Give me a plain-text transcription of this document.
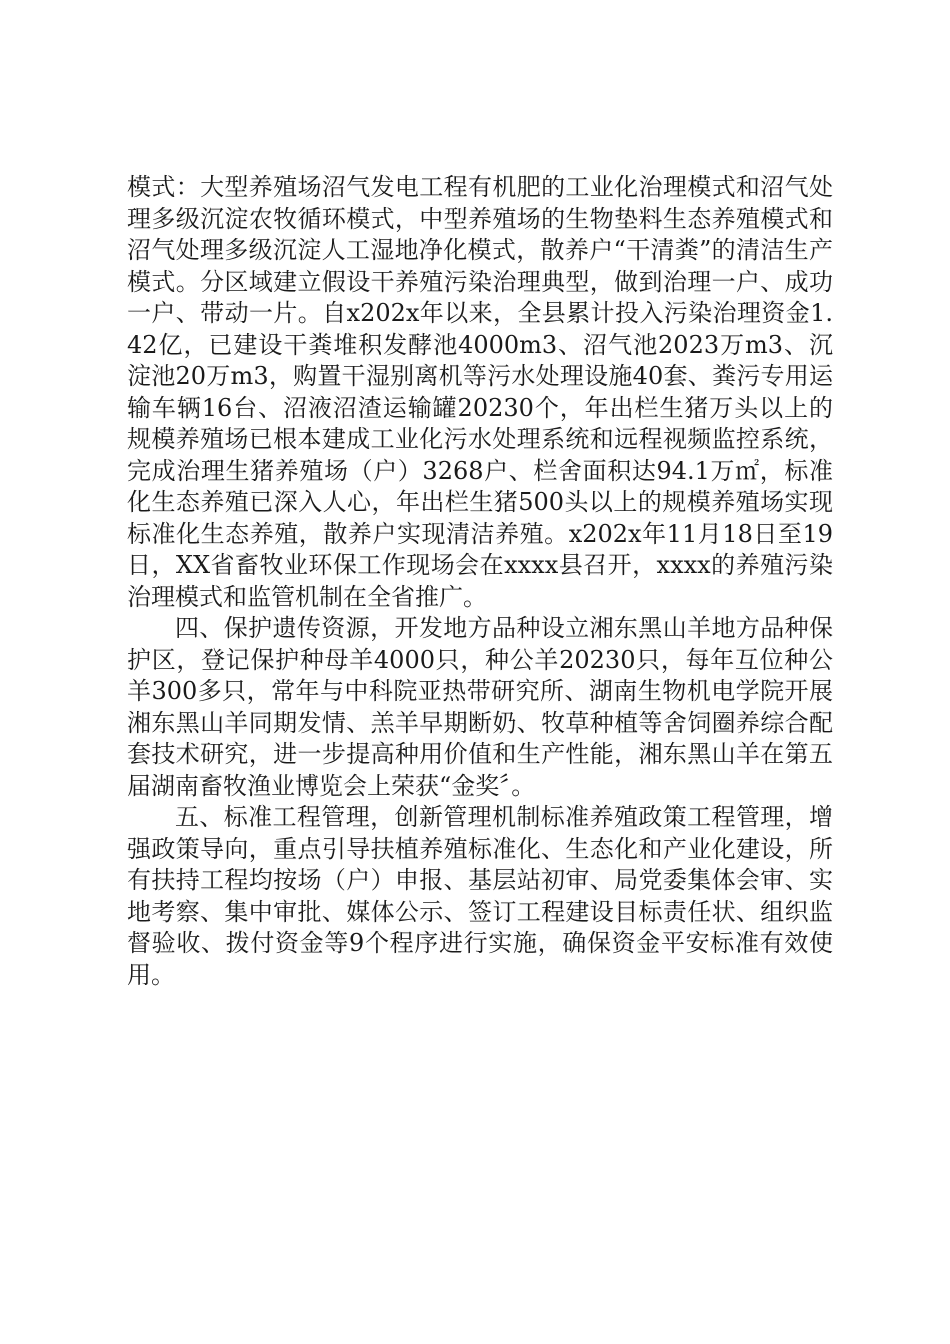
模式：大型养殖场沼气发电工程有机肥的工业化治理模式和沼气处理多级沉淀农牧循环模式，中型养殖场的生物垫料生态养殖模式和沼气处理多级沉淀人工湿地净化模式，散养户“干清粪”的清洁生产模式。分区域建立假设干养殖污染治理典型，做到治理一户、成功一户、带动一片。自x202x年以来，全县累计投入污染治理资金1.42亿，已建设干粪堆积发酵池4000m3、沼气池2023万m3、沉淀池20万m3，购置干湿别离机等污水处理设施40套、粪污专用运输车辆16台、沼液沼渣运输罐20230个，年出栏生猪万头以上的规模养殖场已根本建成工业化污水处理系统和远程视频监控系统，完成治理生猪养殖场（户）3268户、栏舍面积达94.1万㎡，标准化生态养殖已深入人心，年出栏生猪500头以上的规模养殖场实现标准化生态养殖，散养户实现清洁养殖。x202x年11月18日至19日，XX省畜牧业环保工作现场会在xxxx县召开，xxxx的养殖污染治理模式和监管机制在全省推广。

四、保护遗传资源，开发地方品种设立湘东黑山羊地方品种保护区，登记保护种母羊4000只，种公羊20230只，每年互位种公羊300多只，常年与中科院亚热带研究所、湖南生物机电学院开展湘东黑山羊同期发情、羔羊早期断奶、牧草种植等舍饲圈养综合配套技术研究，进一步提高种用价值和生产性能，湘东黑山羊在第五届湖南畜牧渔业博览会上荣获“金奖〞。

五、标准工程管理，创新管理机制标准养殖政策工程管理，增强政策导向，重点引导扶植养殖标准化、生态化和产业化建设，所有扶持工程均按场（户）申报、基层站初审、局党委集体会审、实地考察、集中审批、媒体公示、签订工程建设目标责任状、组织监督验收、拨付资金等9个程序进行实施，确保资金平安标准有效使用。
